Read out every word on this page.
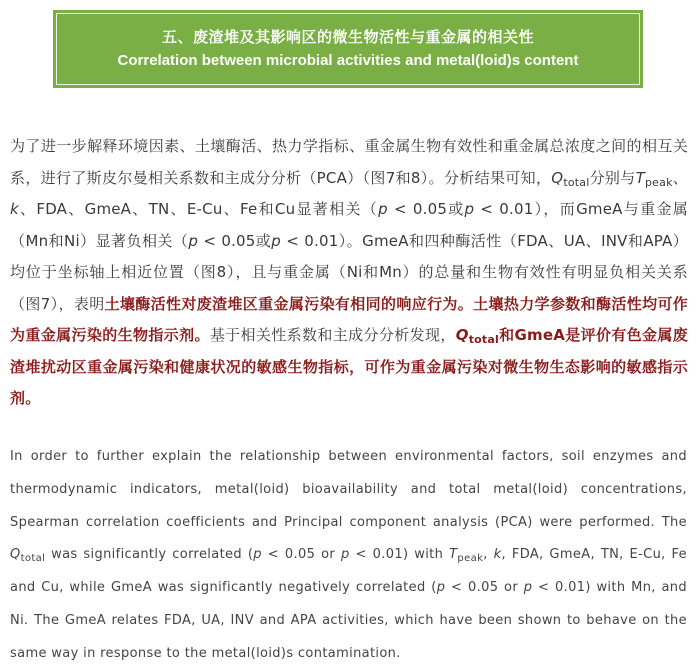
五、废渣堆及其影响区的微生物活性与重金属的相关性
Correlation between microbial activities and metal(loid)s content
为了进一步解释环境因素、土壤酶活、热力学指标、重金属生物有效性和重金属总浓度之间的相互关系，进行了斯皮尔曼相关系数和主成分分析（PCA）（图7和8）。分析结果可知，$Q_{total}$分别与$T_{peak}$、k、FDA、GmeA、TN、E-Cu、Fe和Cu显著相关（p < 0.05或p < 0.01），而GmeA与重金属（Mn和Ni）显著负相关（p < 0.05或p < 0.01）。GmeA和四种酶活性（FDA、UA、INV和APA）均位于坐标轴上相近位置（图8），且与重金属（Ni和Mn）的总量和生物有效性有明显负相关关系（图7），表明土壤酶活性对废渣堆区重金属污染有相同的响应行为。土壤热力学参数和酶活性均可作为重金属污染的生物指示剂。基于相关性系数和主成分分析发现，$Q_{total}$和GmeA是评价有色金属废渣堆扰动区重金属污染和健康状况的敏感生物指标，可作为重金属污染对微生物生态影响的敏感指示剂。
In order to further explain the relationship between environmental factors, soil enzymes and thermodynamic indicators, metal(loid) bioavailability and total metal(loid) concentrations, Spearman correlation coefficients and Principal component analysis (PCA) were performed. The $Q_{total}$ was significantly correlated (p < 0.05 or p < 0.01) with $T_{peak}$, k, FDA, GmeA, TN, E-Cu, Fe and Cu, while GmeA was significantly negatively correlated (p < 0.05 or p < 0.01) with Mn, and Ni. The GmeA relates FDA, UA, INV and APA activities, which have been shown to behave on the same way in response to the metal(loid)s contamination.
